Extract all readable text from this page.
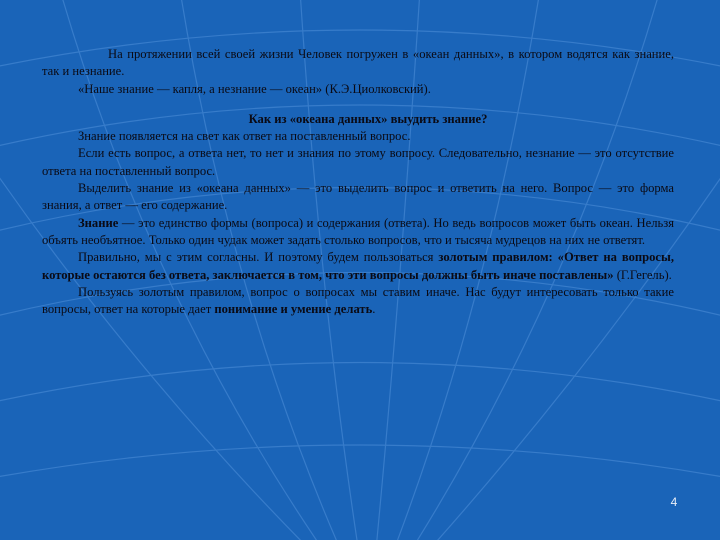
На протяжении всей своей жизни Человек погружен в «океан данных», в котором водятся как знание, так и незнание.

«Наше знание — капля, а незнание — океан» (К.Э.Циолковский).

Как из «океана данных» выудить знание?

Знание появляется на свет как ответ на поставленный вопрос.

Если есть вопрос, а ответа нет, то нет и знания по этому вопросу. Следовательно, незнание — это отсутствие ответа на поставленный вопрос.

Выделить знание из «океана данных» — это выделить вопрос и ответить на него. Вопрос — это форма знания, а ответ — его содержание.

Знание — это единство формы (вопроса) и содержания (ответа). Но ведь вопросов может быть океан. Нельзя объять необъятное. Только один чудак может задать столько вопросов, что и тысяча мудрецов на них не ответят.

Правильно, мы с этим согласны. И поэтому будем пользоваться золотым правилом: «Ответ на вопросы, которые остаются без ответа, заключается в том, что эти вопросы должны быть иначе поставлены» (Г.Гегель).

Пользуясь золотым правилом, вопрос о вопросах мы ставим иначе. Нас будут интересовать только такие вопросы, ответ на которые дает понимание и умение делать.

4
